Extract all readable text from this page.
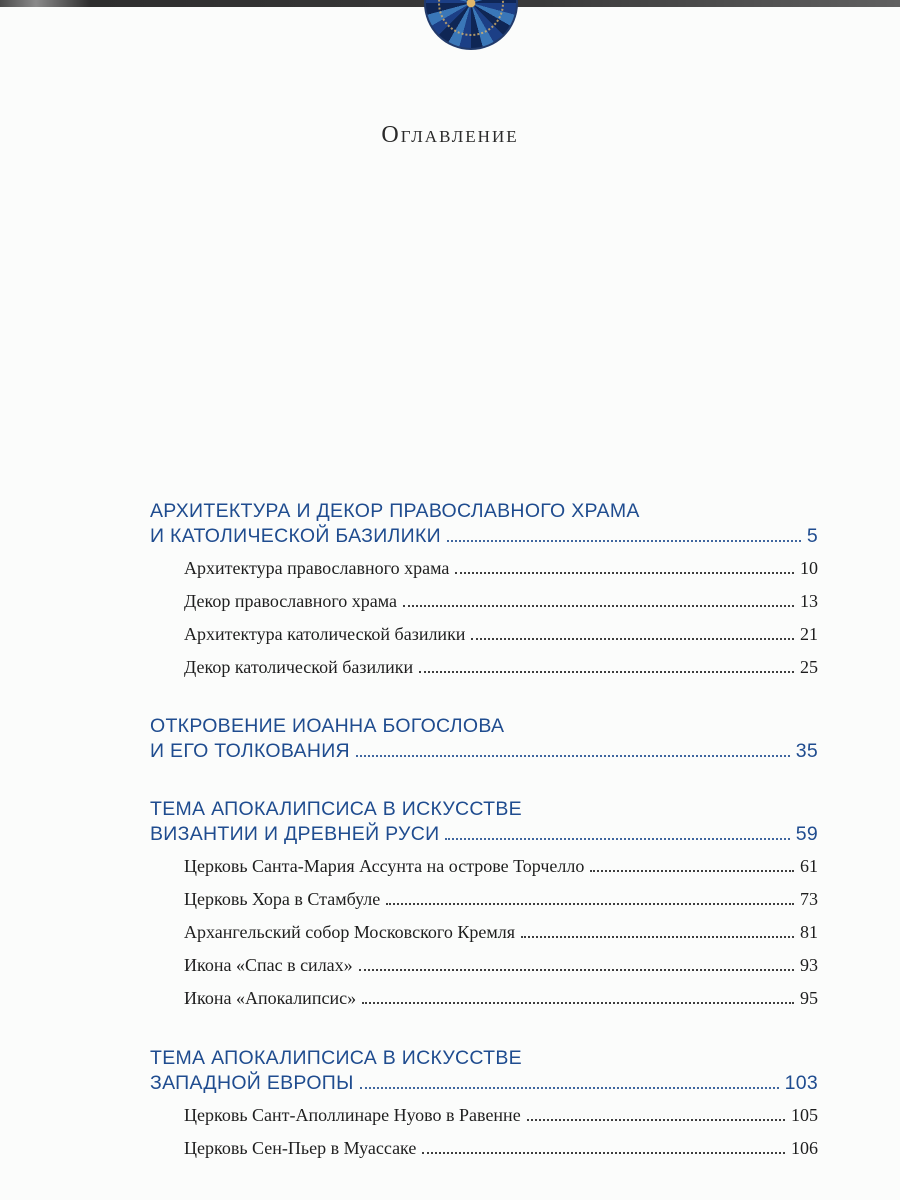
Оглавление
АРХИТЕКТУРА И ДЕКОР ПРАВОСЛАВНОГО ХРАМА
И КАТОЛИЧЕСКОЙ БАЗИЛИКИ	5
Архитектура православного храма	10
Декор православного храма	13
Архитектура католической базилики	21
Декор католической базилики	25
ОТКРОВЕНИЕ ИОАННА БОГОСЛОВА
И ЕГО ТОЛКОВАНИЯ	35
ТЕМА АПОКАЛИПСИСА В ИСКУССТВЕ
ВИЗАНТИИ И ДРЕВНЕЙ РУСИ	59
Церковь Санта-Мария Ассунта на острове Торчелло	61
Церковь Хора в Стамбуле	73
Архангельский собор Московского Кремля	81
Икона «Спас в силах»	93
Икона «Апокалипсис»	95
ТЕМА АПОКАЛИПСИСА В ИСКУССТВЕ
ЗАПАДНОЙ ЕВРОПЫ	103
Церковь Сант-Аполлинаре Нуово в Равенне	105
Церковь Сен-Пьер в Муассаке	106
